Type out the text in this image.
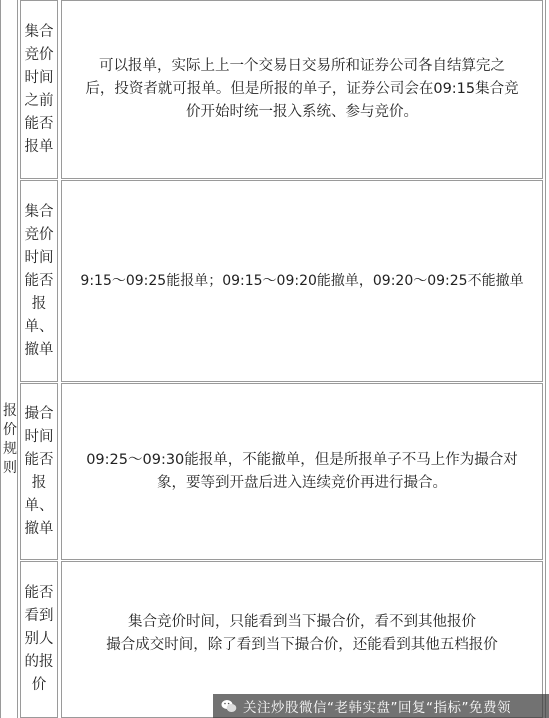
报价规则
集合竞价时间之前能否报单
可以报单，实际上上一个交易日交易所和证券公司各自结算完之
后，投资者就可报单。但是所报的单子，证券公司会在09:15集合竞
价开始时统一报入系统、参与竞价。
集合竞价时间能否报单、撤单
9:15～09:25能报单；09:15～09:20能撤单，09:20～09:25不能撤单
撮合时间能否报单、撤单
09:25～09:30能报单，不能撤单，但是所报单子不马上作为撮合对
象，要等到开盘后进入连续竞价再进行撮合。
能否看到别人的报价
集合竞价时间，只能看到当下撮合价，看不到其他报价
撮合成交时间，除了看到当下撮合价，还能看到其他五档报价
关注炒股微信“老韩实盘”回复“指标”免费领
